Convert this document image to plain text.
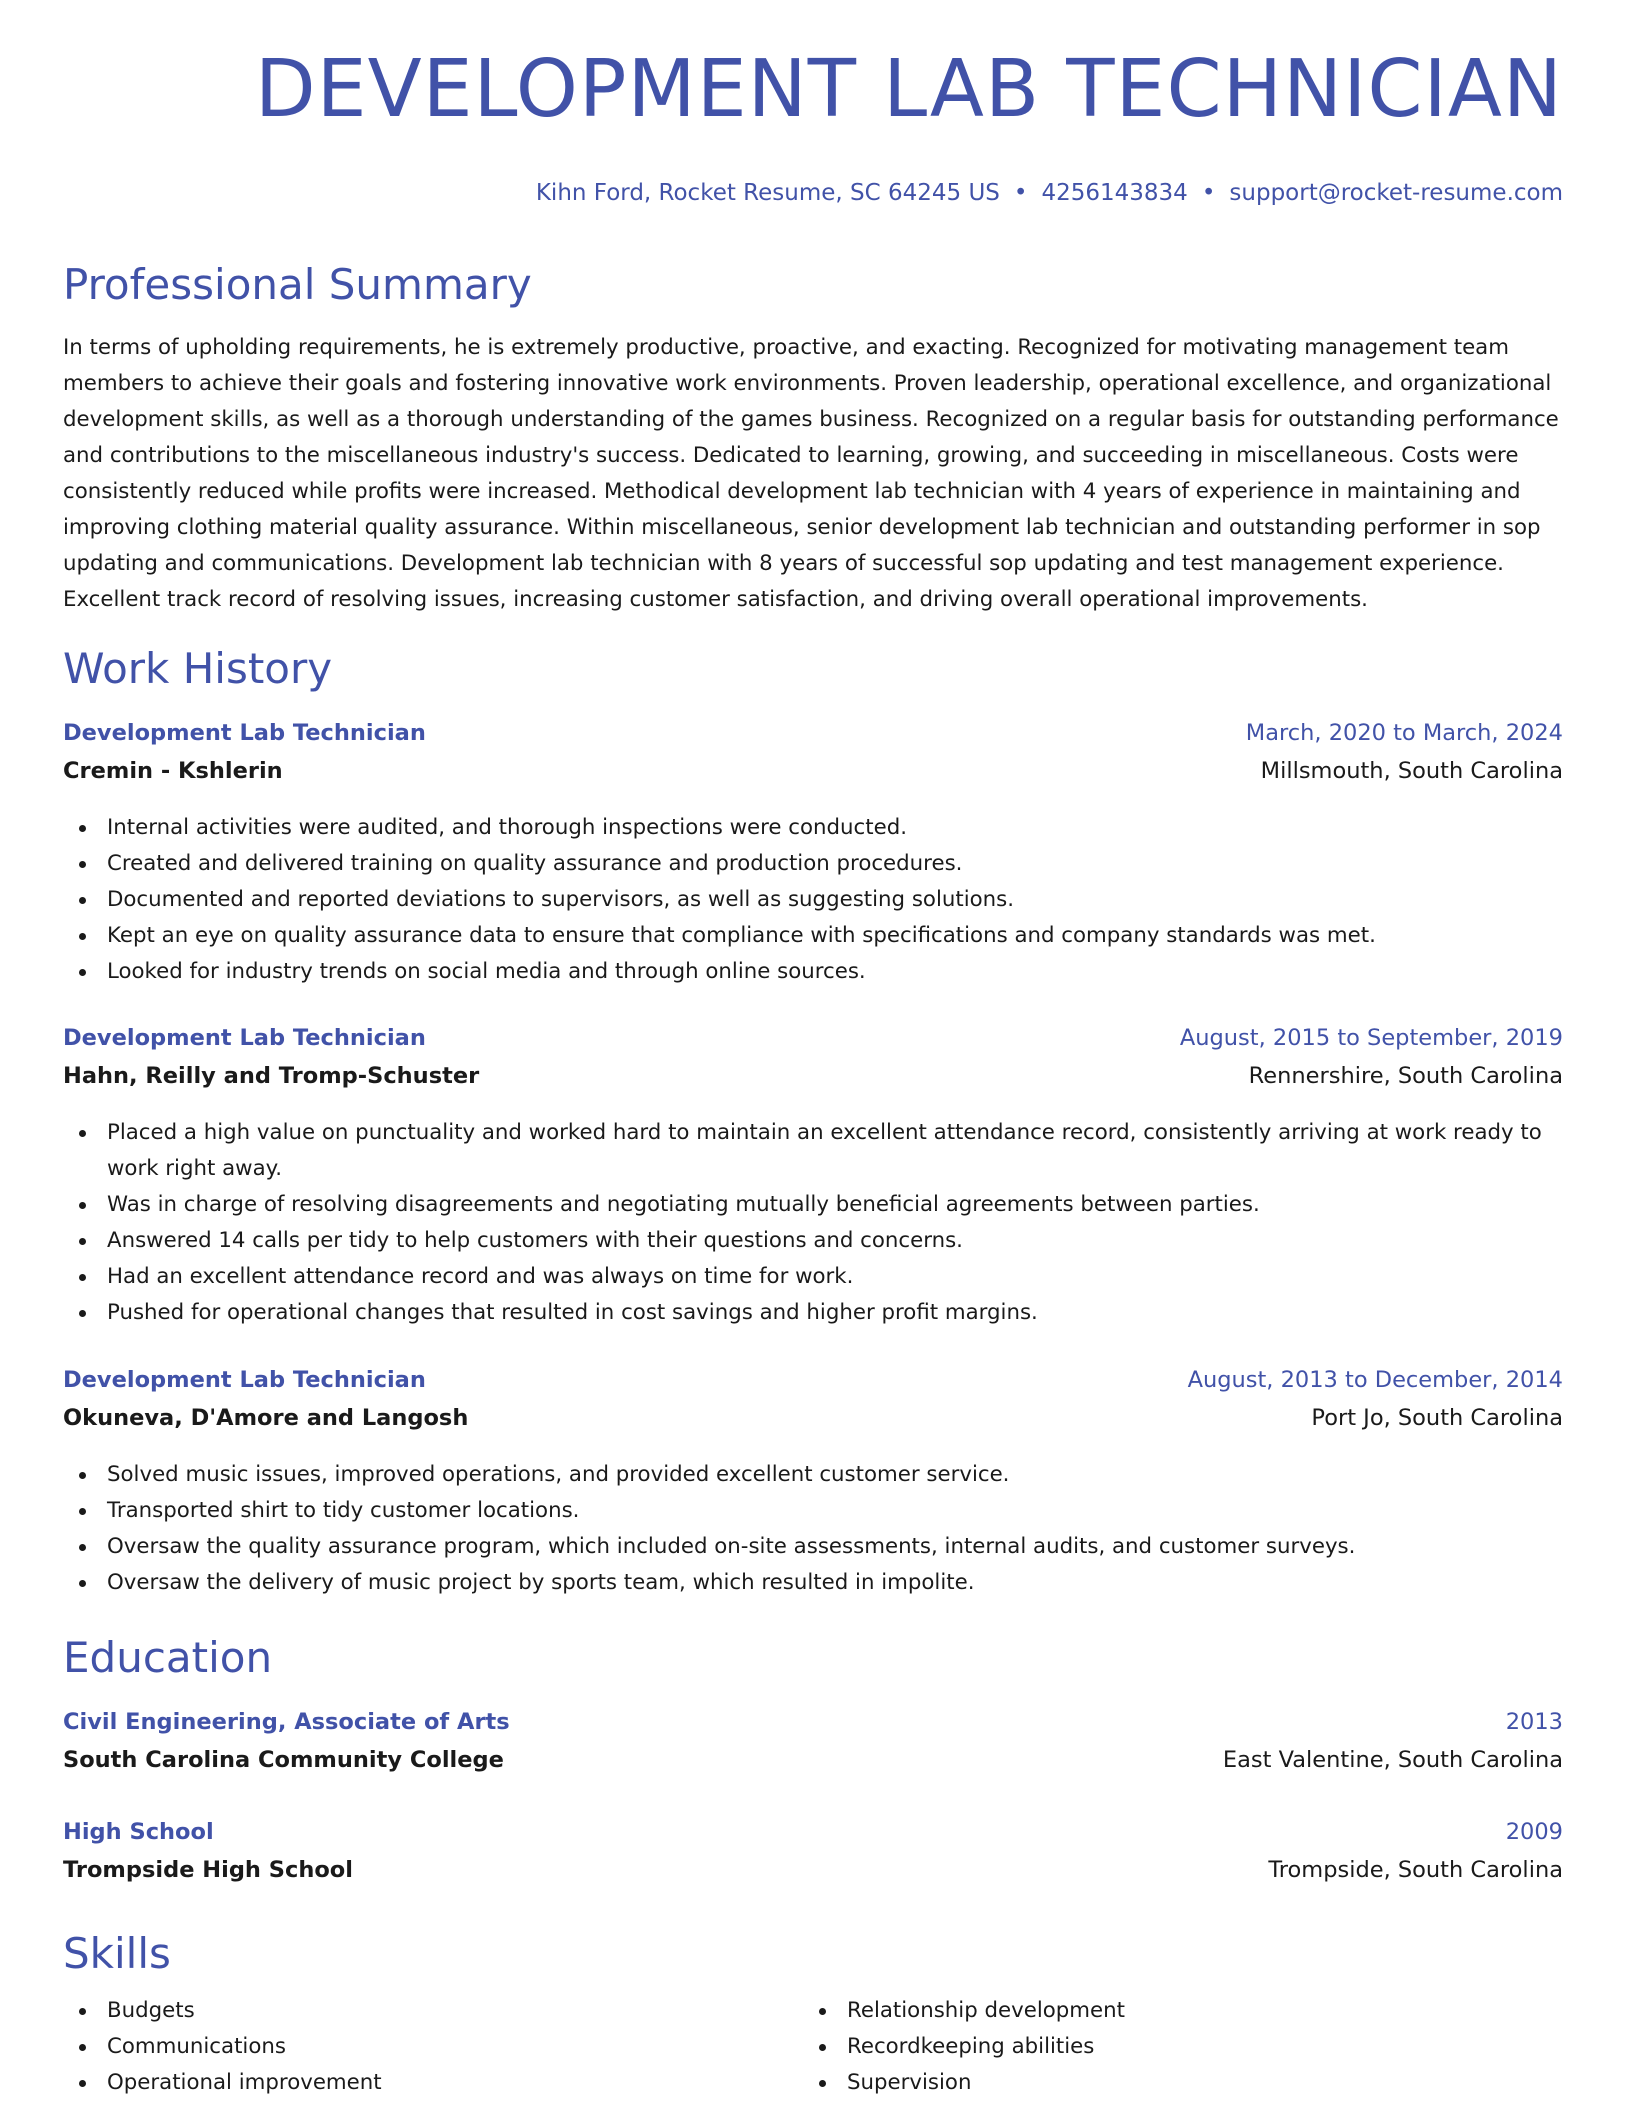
DEVELOPMENT LAB TECHNICIAN
Kihn Ford, Rocket Resume, SC 64245 US • 4256143834 • support@rocket-resume.com
Professional Summary

In terms of upholding requirements, he is extremely productive, proactive, and exacting. Recognized for motivating management team members to achieve their goals and fostering innovative work environments. Proven leadership, operational excellence, and organizational development skills, as well as a thorough understanding of the games business. Recognized on a regular basis for outstanding performance and contributions to the miscellaneous industry's success. Dedicated to learning, growing, and succeeding in miscellaneous. Costs were consistently reduced while profits were increased. Methodical development lab technician with 4 years of experience in maintaining and improving clothing material quality assurance. Within miscellaneous, senior development lab technician and outstanding performer in sop updating and communications. Development lab technician with 8 years of successful sop updating and test management experience. Excellent track record of resolving issues, increasing customer satisfaction, and driving overall operational improvements.

Work History
Development Lab Technician	March, 2020 to March, 2024
Cremin - Kshlerin	Millsmouth, South Carolina
Internal activities were audited, and thorough inspections were conducted.
Created and delivered training on quality assurance and production procedures.
Documented and reported deviations to supervisors, as well as suggesting solutions.
Kept an eye on quality assurance data to ensure that compliance with specifications and company standards was met.
Looked for industry trends on social media and through online sources.
Development Lab Technician	August, 2015 to September, 2019
Hahn, Reilly and Tromp-Schuster	Rennershire, South Carolina
Placed a high value on punctuality and worked hard to maintain an excellent attendance record, consistently arriving at work ready to work right away.
Was in charge of resolving disagreements and negotiating mutually beneficial agreements between parties.
Answered 14 calls per tidy to help customers with their questions and concerns.
Had an excellent attendance record and was always on time for work.
Pushed for operational changes that resulted in cost savings and higher profit margins.
Development Lab Technician	August, 2013 to December, 2014
Okuneva, D'Amore and Langosh	Port Jo, South Carolina
Solved music issues, improved operations, and provided excellent customer service.
Transported shirt to tidy customer locations.
Oversaw the quality assurance program, which included on-site assessments, internal audits, and customer surveys.
Oversaw the delivery of music project by sports team, which resulted in impolite.
Education
Civil Engineering, Associate of Arts	2013
South Carolina Community College	East Valentine, South Carolina
High School	2009
Trompside High School	Trompside, South Carolina
Skills
Budgets
Communications
Operational improvement
Relationship development
Recordkeeping abilities
Supervision
